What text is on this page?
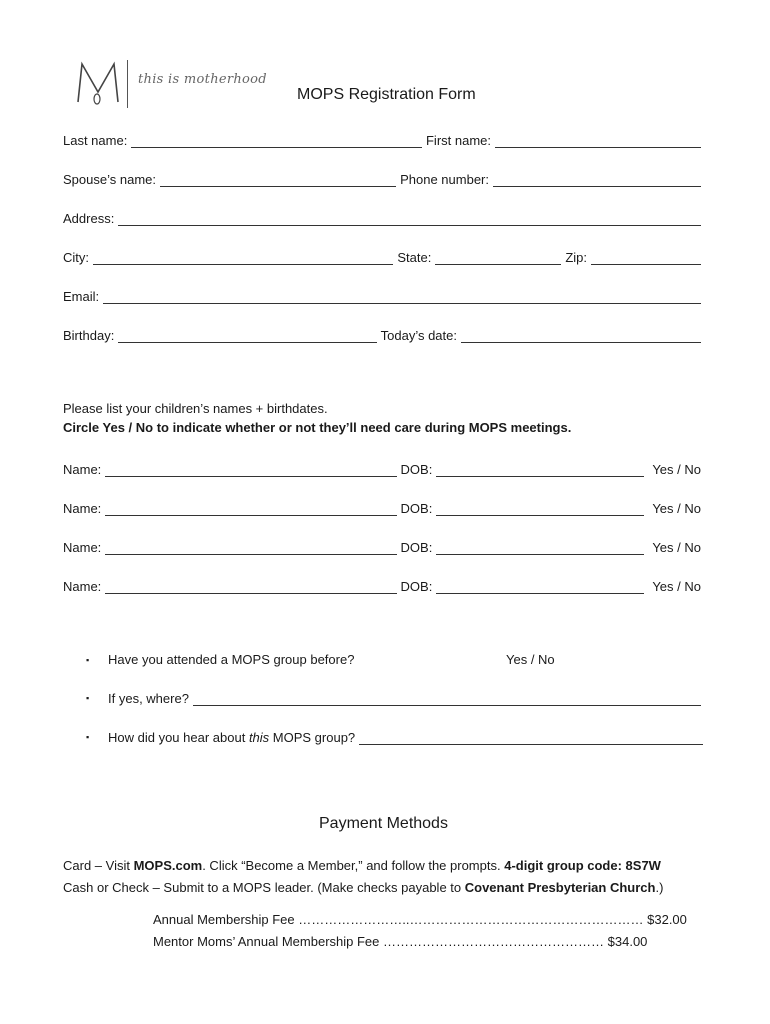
this is motherhood
MOPS Registration Form
Last name:	First name:
Spouse’s name:	Phone number:
Address:
City:	State:	Zip:
Email:
Birthday:	Today’s date:
Please list your children’s names + birthdates.
Circle Yes / No to indicate whether or not they’ll need care during MOPS meetings.
Name:	DOB:	Yes / No
Name:	DOB:	Yes / No
Name:	DOB:	Yes / No
Name:	DOB:	Yes / No
▪ Have you attended a MOPS group before?	Yes / No
▪ If yes, where?
▪ How did you hear about this MOPS group?
Payment Methods
Card – Visit MOPS.com. Click “Become a Member,” and follow the prompts. 4-digit group code: 8S7W
Cash or Check – Submit to a MOPS leader. (Make checks payable to Covenant Presbyterian Church.)
Annual Membership Fee ……………………..……………………………………………… $32.00
Mentor Moms’ Annual Membership Fee …………………………………………… $34.00
